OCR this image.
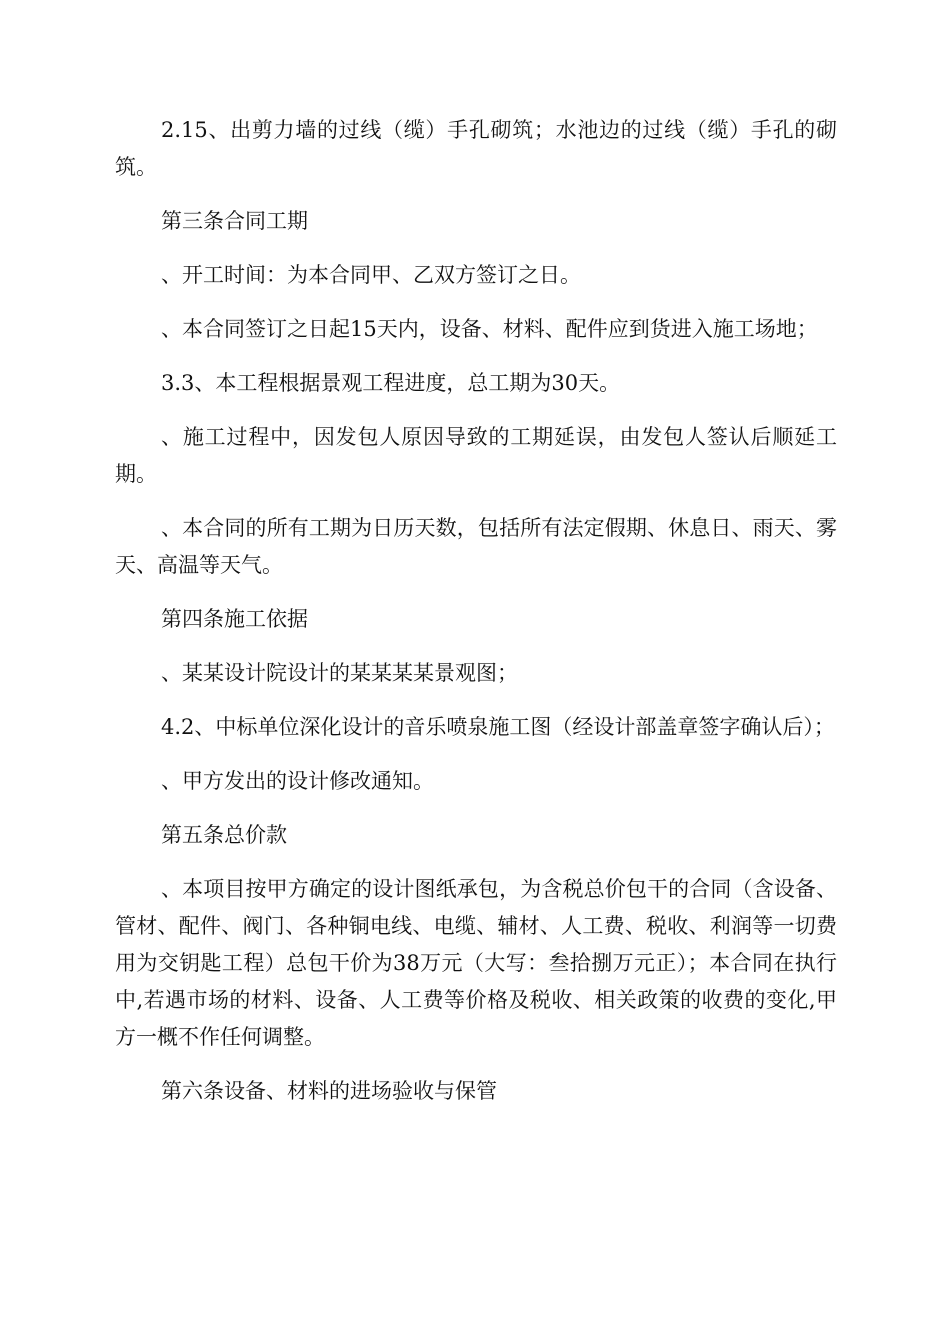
2.15、出剪力墙的过线（缆）手孔砌筑；水池边的过线（缆）手孔的砌筑。

第三条合同工期

、开工时间：为本合同甲、乙双方签订之日。

、本合同签订之日起15天内，设备、材料、配件应到货进入施工场地；

3.3、本工程根据景观工程进度，总工期为30天。

、施工过程中，因发包人原因导致的工期延误，由发包人签认后顺延工期。

、本合同的所有工期为日历天数，包括所有法定假期、休息日、雨天、雾天、高温等天气。

第四条施工依据

、某某设计院设计的某某某某景观图；

4.2、中标单位深化设计的音乐喷泉施工图（经设计部盖章签字确认后）；

、甲方发出的设计修改通知。

第五条总价款

、本项目按甲方确定的设计图纸承包，为含税总价包干的合同（含设备、管材、配件、阀门、各种铜电线、电缆、辅材、人工费、税收、利润等一切费用为交钥匙工程）总包干价为38万元（大写：叁拾捌万元正）；本合同在执行中,若遇市场的材料、设备、人工费等价格及税收、相关政策的收费的变化,甲方一概不作任何调整。

第六条设备、材料的进场验收与保管
